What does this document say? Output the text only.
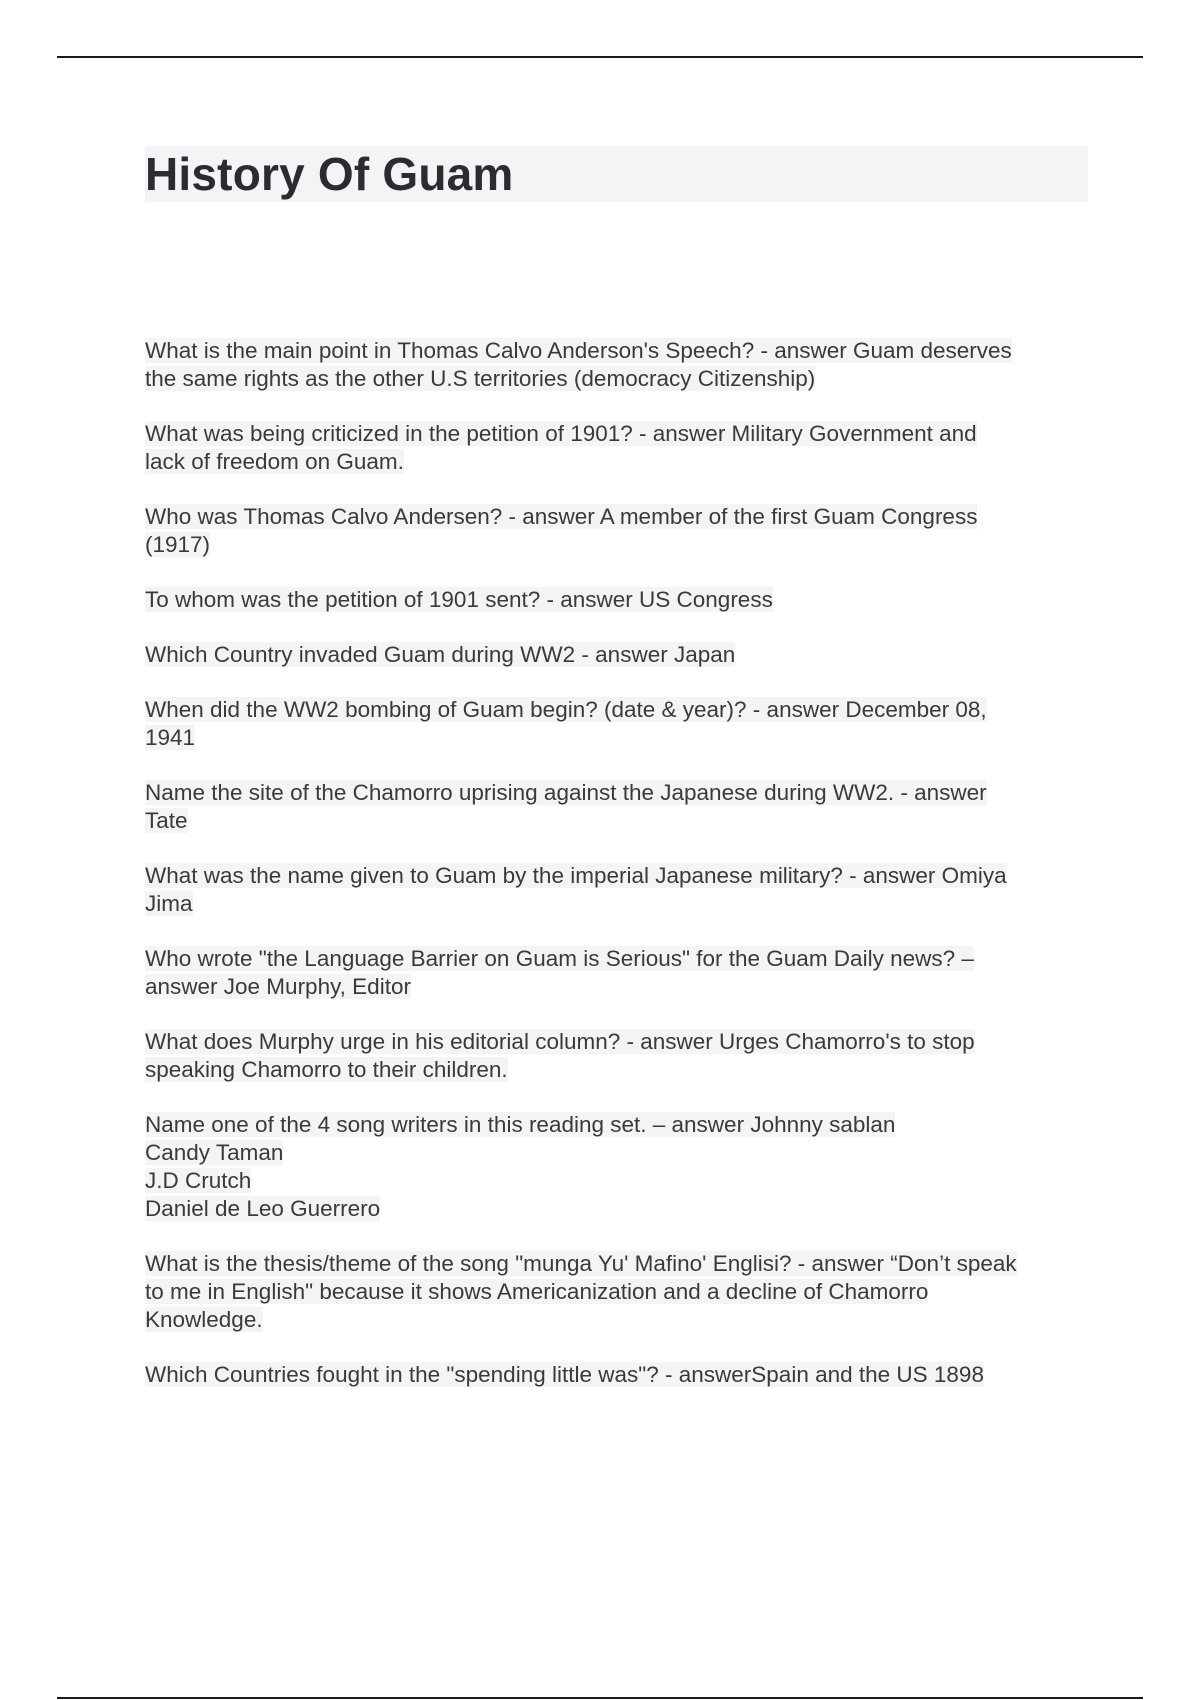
History Of Guam

What is the main point in Thomas Calvo Anderson's Speech? - answer Guam deserves
the same rights as the other U.S territories (democracy Citizenship)

What was being criticized in the petition of 1901? - answer Military Government and
lack of freedom on Guam.

Who was Thomas Calvo Andersen? - answer A member of the first Guam Congress
(1917)

To whom was the petition of 1901 sent? - answer US Congress

Which Country invaded Guam during WW2 - answer Japan

When did the WW2 bombing of Guam begin? (date & year)? - answer December 08,
1941

Name the site of the Chamorro uprising against the Japanese during WW2. - answer
Tate

What was the name given to Guam by the imperial Japanese military? - answer Omiya
Jima

Who wrote "the Language Barrier on Guam is Serious" for the Guam Daily news? –
answer Joe Murphy, Editor

What does Murphy urge in his editorial column? - answer Urges Chamorro's to stop
speaking Chamorro to their children.

Name one of the 4 song writers in this reading set. – answer Johnny sablan
Candy Taman
J.D Crutch
Daniel de Leo Guerrero

What is the thesis/theme of the song "munga Yu' Mafino' Englisi? - answer “Don’t speak
to me in English" because it shows Americanization and a decline of Chamorro
Knowledge.

Which Countries fought in the "spending little was"? - answerSpain and the US 1898
